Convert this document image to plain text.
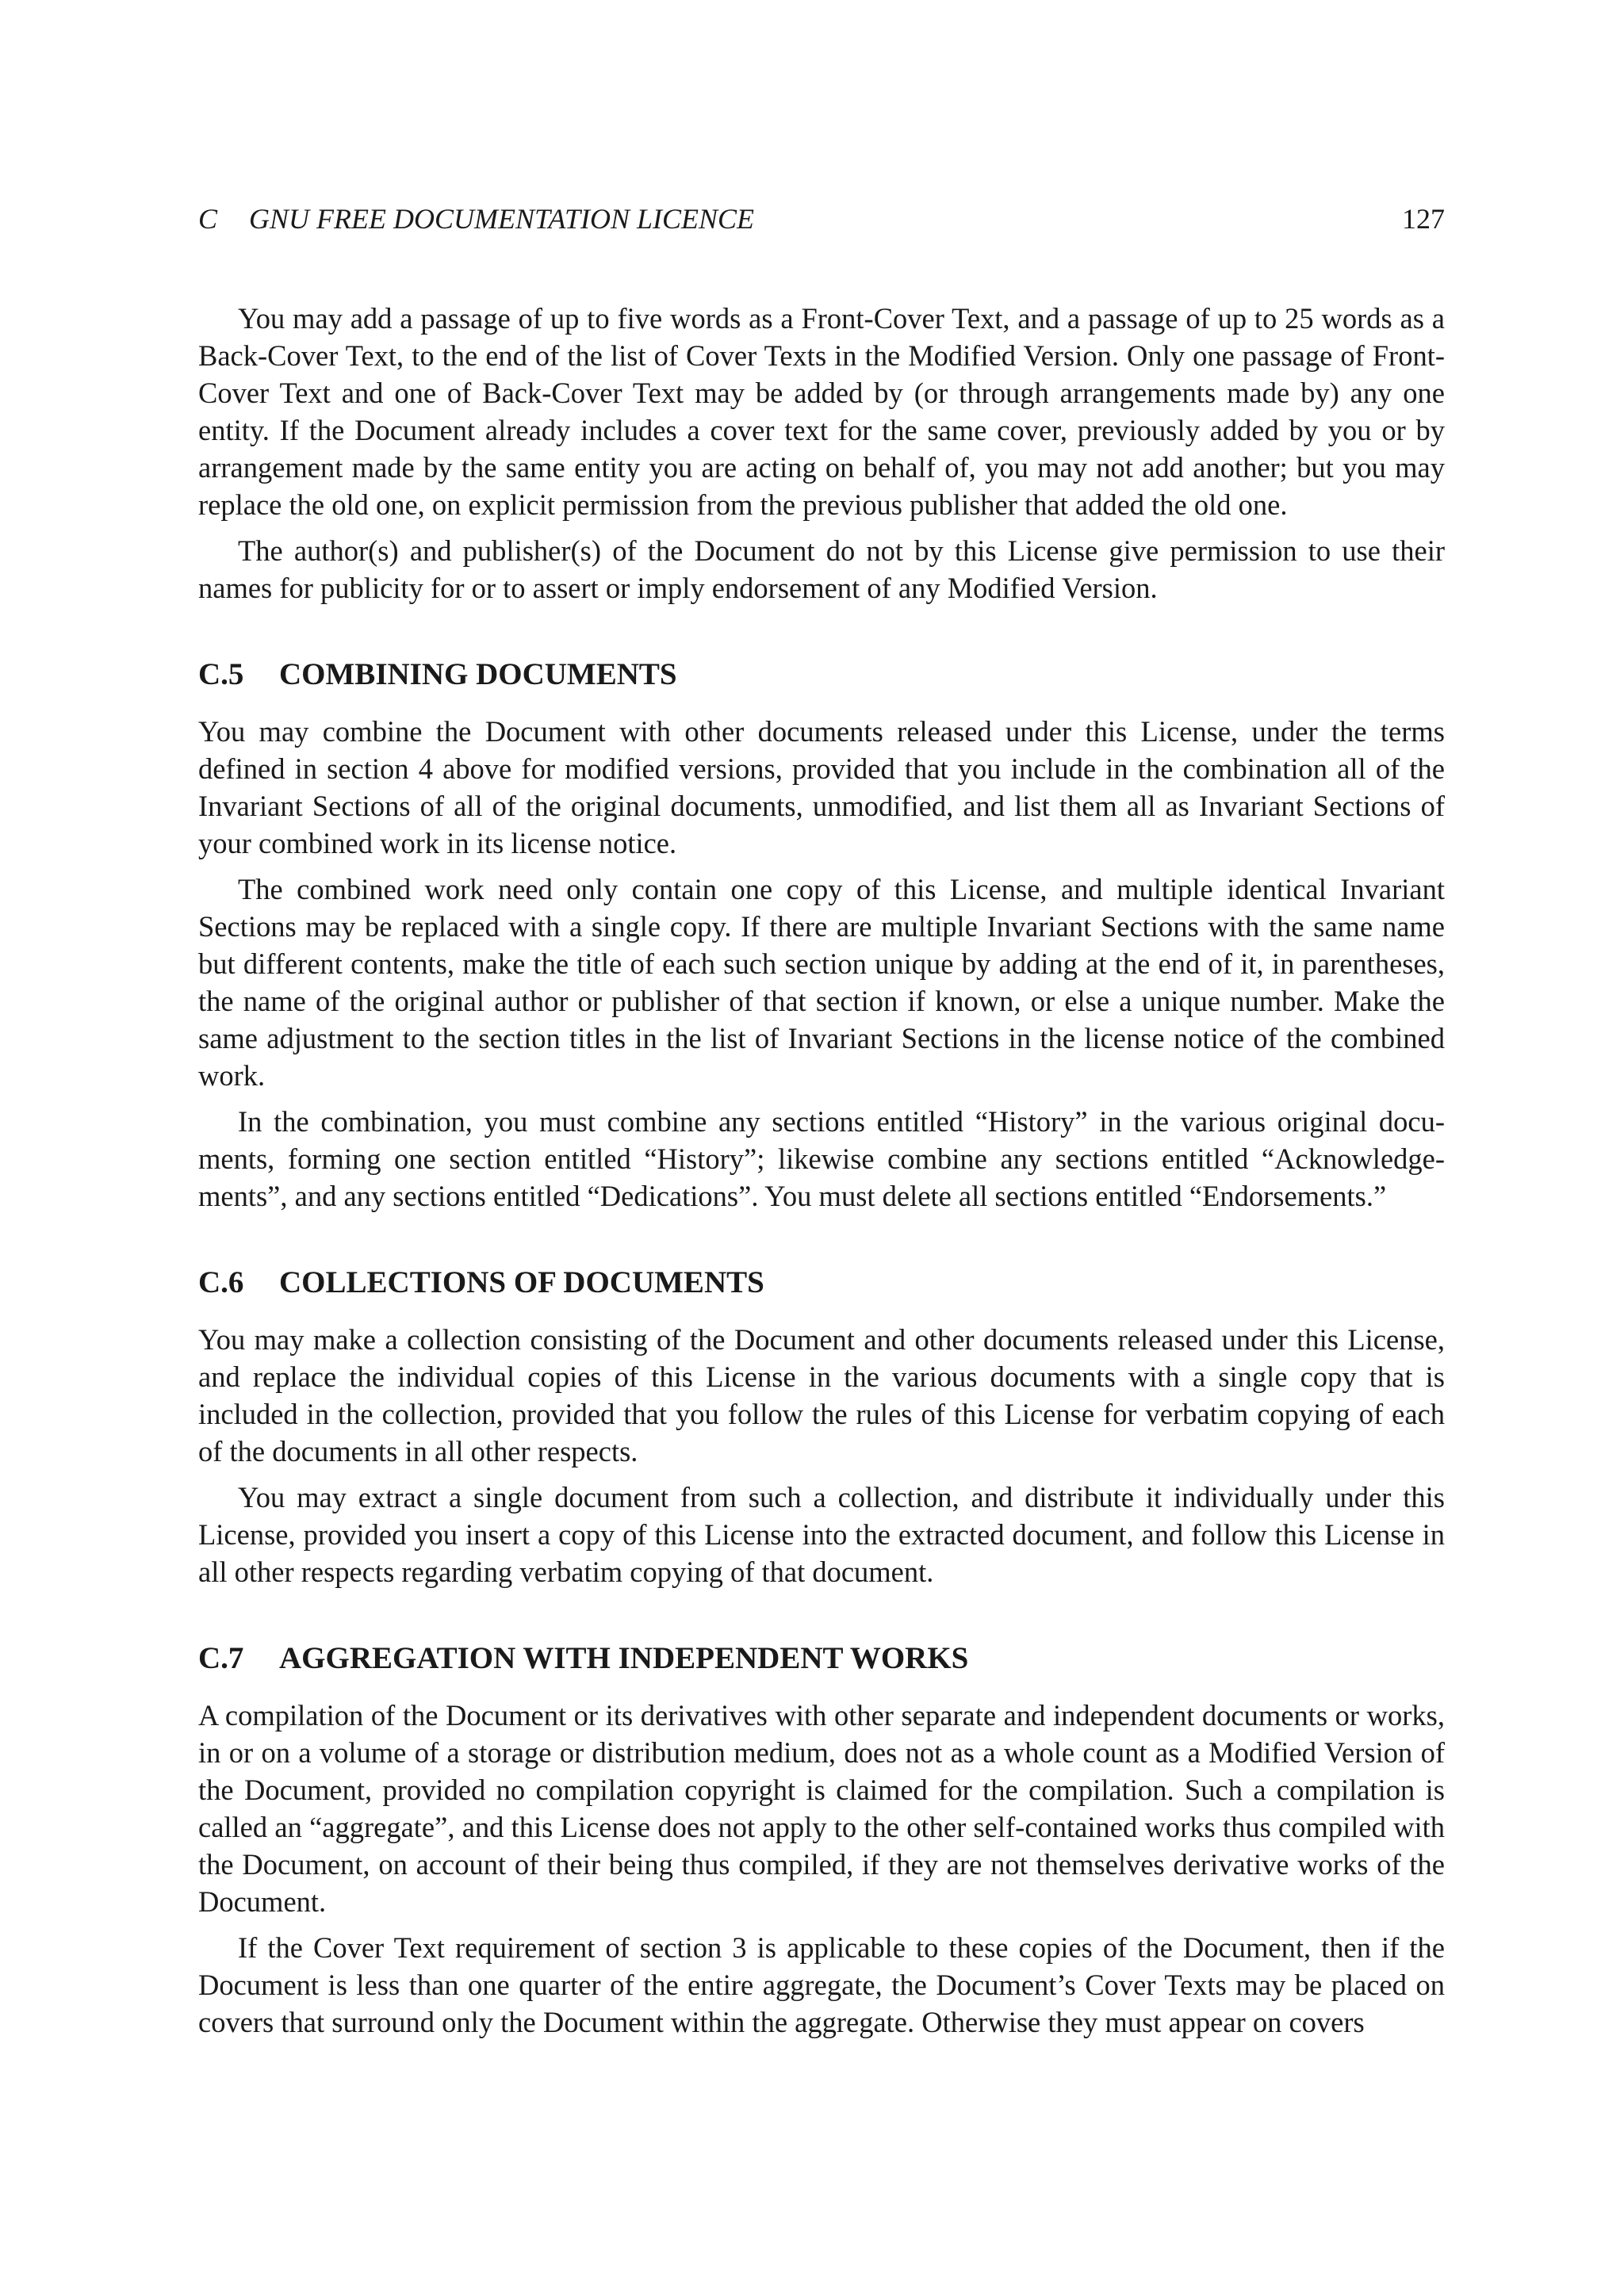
C GNU FREE DOCUMENTATION LICENCE	127

You may add a passage of up to five words as a Front-Cover Text, and a passage of up to 25 words as a Back-Cover Text, to the end of the list of Cover Texts in the Modified Version. Only one passage of Front-Cover Text and one of Back-Cover Text may be added by (or through arrangements made by) any one entity. If the Document already includes a cover text for the same cover, previously added by you or by arrangement made by the same entity you are acting on behalf of, you may not add another; but you may replace the old one, on explicit permission from the previous publisher that added the old one.

The author(s) and publisher(s) of the Document do not by this License give permission to use their names for publicity for or to assert or imply endorsement of any Modified Version.

C.5 COMBINING DOCUMENTS

You may combine the Document with other documents released under this License, under the terms defined in section 4 above for modified versions, provided that you include in the combination all of the Invariant Sections of all of the original documents, unmodified, and list them all as Invariant Sections of your combined work in its license notice.

The combined work need only contain one copy of this License, and multiple identical Invariant Sections may be replaced with a single copy. If there are multiple Invariant Sections with the same name but different contents, make the title of each such section unique by adding at the end of it, in parentheses, the name of the original author or publisher of that section if known, or else a unique number. Make the same adjustment to the section titles in the list of Invariant Sections in the license notice of the combined work.

In the combination, you must combine any sections entitled “History” in the various original documents, forming one section entitled “History”; likewise combine any sections entitled “Acknowledgements”, and any sections entitled “Dedications”. You must delete all sections entitled “Endorsements.”

C.6 COLLECTIONS OF DOCUMENTS

You may make a collection consisting of the Document and other documents released under this License, and replace the individual copies of this License in the various documents with a single copy that is included in the collection, provided that you follow the rules of this License for verbatim copying of each of the documents in all other respects.

You may extract a single document from such a collection, and distribute it individually under this License, provided you insert a copy of this License into the extracted document, and follow this License in all other respects regarding verbatim copying of that document.

C.7 AGGREGATION WITH INDEPENDENT WORKS

A compilation of the Document or its derivatives with other separate and independent documents or works, in or on a volume of a storage or distribution medium, does not as a whole count as a Modified Version of the Document, provided no compilation copyright is claimed for the compilation. Such a compilation is called an “aggregate”, and this License does not apply to the other self-contained works thus compiled with the Document, on account of their being thus compiled, if they are not themselves derivative works of the Document.

If the Cover Text requirement of section 3 is applicable to these copies of the Document, then if the Document is less than one quarter of the entire aggregate, the Document’s Cover Texts may be placed on covers that surround only the Document within the aggregate. Otherwise they must appear on covers
